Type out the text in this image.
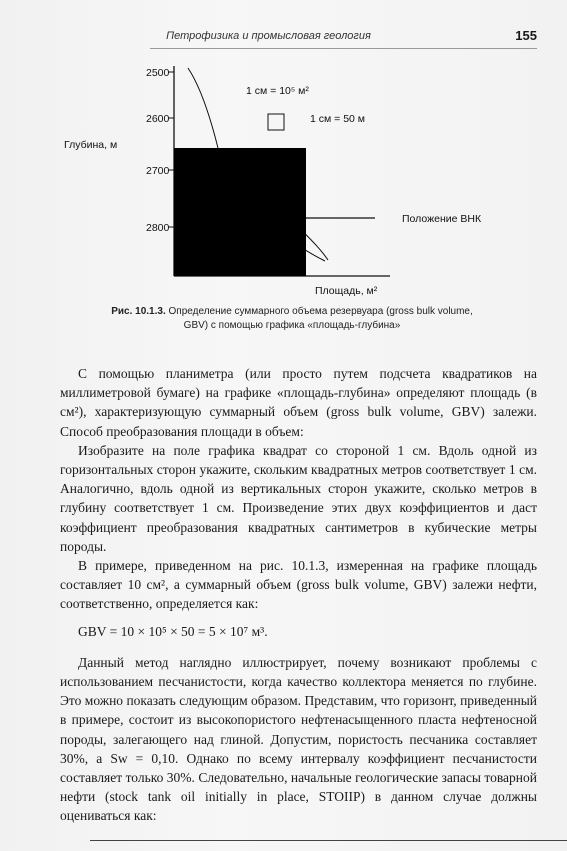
Петрофизика и промысловая геология	155
2500
2600
2700
2800
Глубина, м
Положение ВНК
1 см = 10⁵ м²
1 см = 50 м
Площадь, м²
Рис. 10.1.3. Определение суммарного объема резервуара (gross bulk volume, GBV) с помощью графика «площадь-глубина»

С помощью планиметра (или просто путем подсчета квадратиков на миллиметровой бумаге) на графике «площадь-глубина» определяют площадь (в см²), характеризующую суммарный объем (gross bulk volume, GBV) залежи. Способ преобразования площади в объем:

Изобразите на поле графика квадрат со стороной 1 см. Вдоль одной из горизонтальных сторон укажите, скольким квадратных метров соответствует 1 см. Аналогично, вдоль одной из вертикальных сторон укажите, сколько метров в глубину соответствует 1 см. Произведение этих двух коэффициентов и даст коэффициент преобразования квадратных сантиметров в кубические метры породы.

В примере, приведенном на рис. 10.1.3, измеренная на графике площадь составляет 10 см², а суммарный объем (gross bulk volume, GBV) залежи нефти, соответственно, определяется как:

GBV = 10 × 10⁵ × 50 = 5 × 10⁷ м³.

Данный метод наглядно иллюстрирует, почему возникают проблемы с использованием песчанистости, когда качество коллектора меняется по глубине. Это можно показать следующим образом. Представим, что горизонт, приведенный в примере, состоит из высокопористого нефтенасыщенного пласта нефтеносной породы, залегающего над глиной. Допустим, пористость песчаника составляет 30%, а Sw = 0,10. Однако по всему интервалу коэффициент песчанистости составляет только 30%. Следовательно, начальные геологические запасы товарной нефти (stock tank oil initially in place, STOIIP) в данном случае должны оцениваться как:
